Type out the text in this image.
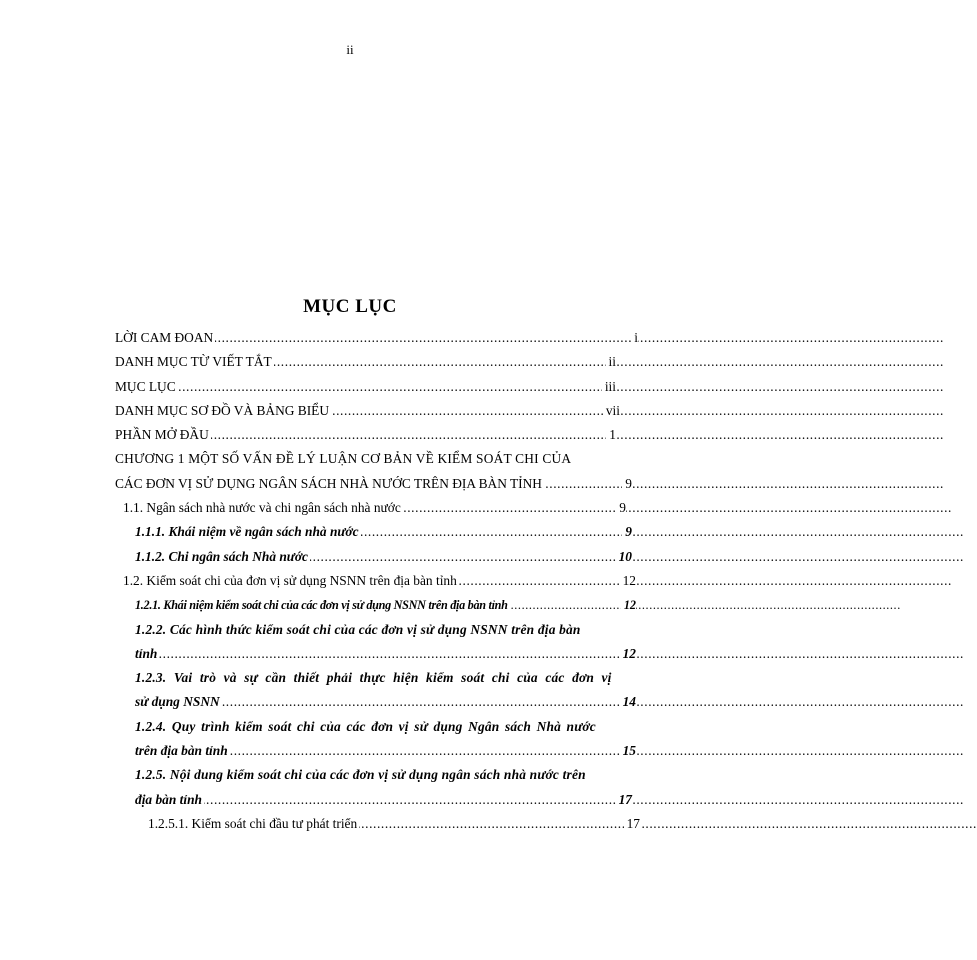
ii
MỤC LỤC
.....
LỜI CAM ĐOAN	i
.....
DANH MỤC TỪ VIẾT TẮT	ii
.....
MỤC LỤC	iii
.....
DANH MỤC SƠ ĐỒ VÀ BẢNG BIỂU	vii
.....
PHẦN MỞ ĐẦU	1
CHƯƠNG 1 MỘT SỐ VẤN ĐỀ LÝ LUẬN CƠ BẢN VỀ KIỂM SOÁT CHI CỦA
.....
CÁC ĐƠN VỊ SỬ DỤNG NGÂN SÁCH NHÀ NƯỚC TRÊN ĐỊA BÀN TỈNH	9
.....
1.1. Ngân sách nhà nước và chi ngân sách nhà nước	9
.....
1.1.1. Khái niệm về ngân sách nhà nước	9
.....
1.1.2. Chi ngân sách Nhà nước	10
.....
1.2. Kiểm soát chi của đơn vị sử dụng NSNN trên địa bàn tỉnh	12
.....
1.2.1. Khái niệm kiểm soát chi của các đơn vị sử dụng NSNN trên địa bàn tỉnh	12
1.2.2. Các hình thức kiểm soát chi của các đơn vị sử dụng NSNN trên địa bàn
.....
tỉnh	12
1.2.3. Vai trò và sự cần thiết phải thực hiện kiểm soát chi của các đơn vị
.....
sử dụng NSNN	14
1.2.4. Quy trình kiểm soát chi của các đơn vị sử dụng Ngân sách Nhà nước
.....
trên địa bàn tỉnh	15
1.2.5. Nội dung kiểm soát chi của các đơn vị sử dụng ngân sách nhà nước trên
.....
địa bàn tỉnh	17
.....
1.2.5.1. Kiểm soát chi đầu tư phát triển	17
